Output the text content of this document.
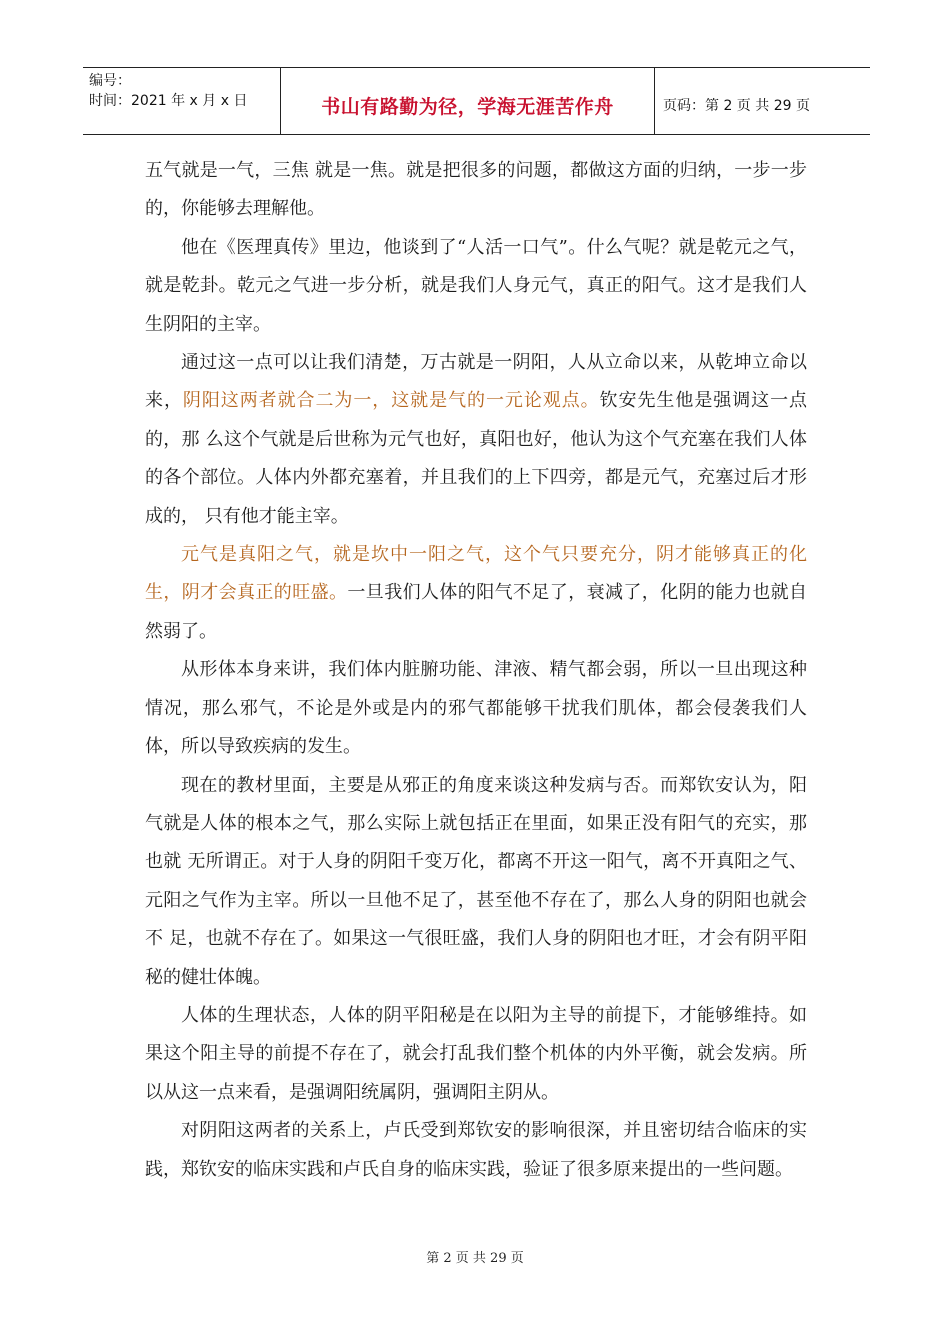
编号：
时间：2021 年 x 月 x 日	书山有路勤为径，学海无涯苦作舟	页码：第 2 页 共 29 页

五气就是一气，三焦 就是一焦。就是把很多的问题，都做这方面的归纳，一步一步的，你能够去理解他。

他在《医理真传》里边，他谈到了“人活一口气”。什么气呢？就是乾元之气，就是乾卦。乾元之气进一步分析，就是我们人身元气，真正的阳气。这才是我们人生阴阳的主宰。

通过这一点可以让我们清楚，万古就是一阴阳，人从立命以来，从乾坤立命以来，阴阳这两者就合二为一，这就是气的一元论观点。钦安先生他是强调这一点的，那 么这个气就是后世称为元气也好，真阳也好，他认为这个气充塞在我们人体的各个部位。人体内外都充塞着，并且我们的上下四旁，都是元气，充塞过后才形成的， 只有他才能主宰。

元气是真阳之气，就是坎中一阳之气，这个气只要充分，阴才能够真正的化生，阴才会真正的旺盛。一旦我们人体的阳气不足了，衰减了，化阴的能力也就自然弱了。

从形体本身来讲，我们体内脏腑功能、津液、精气都会弱，所以一旦出现这种情况，那么邪气，不论是外或是内的邪气都能够干扰我们肌体，都会侵袭我们人体，所以导致疾病的发生。

现在的教材里面，主要是从邪正的角度来谈这种发病与否。而郑钦安认为，阳气就是人体的根本之气，那么实际上就包括正在里面，如果正没有阳气的充实，那也就 无所谓正。对于人身的阴阳千变万化，都离不开这一阳气，离不开真阳之气、元阳之气作为主宰。所以一旦他不足了，甚至他不存在了，那么人身的阴阳也就会不 足，也就不存在了。如果这一气很旺盛，我们人身的阴阳也才旺，才会有阴平阳秘的健壮体魄。

人体的生理状态，人体的阴平阳秘是在以阳为主导的前提下，才能够维持。如果这个阳主导的前提不存在了，就会打乱我们整个机体的内外平衡，就会发病。所以从这一点来看，是强调阳统属阴，强调阳主阴从。

对阴阳这两者的关系上，卢氏受到郑钦安的影响很深，并且密切结合临床的实践，郑钦安的临床实践和卢氏自身的临床实践，验证了很多原来提出的一些问题。

第 2 页 共 29 页
